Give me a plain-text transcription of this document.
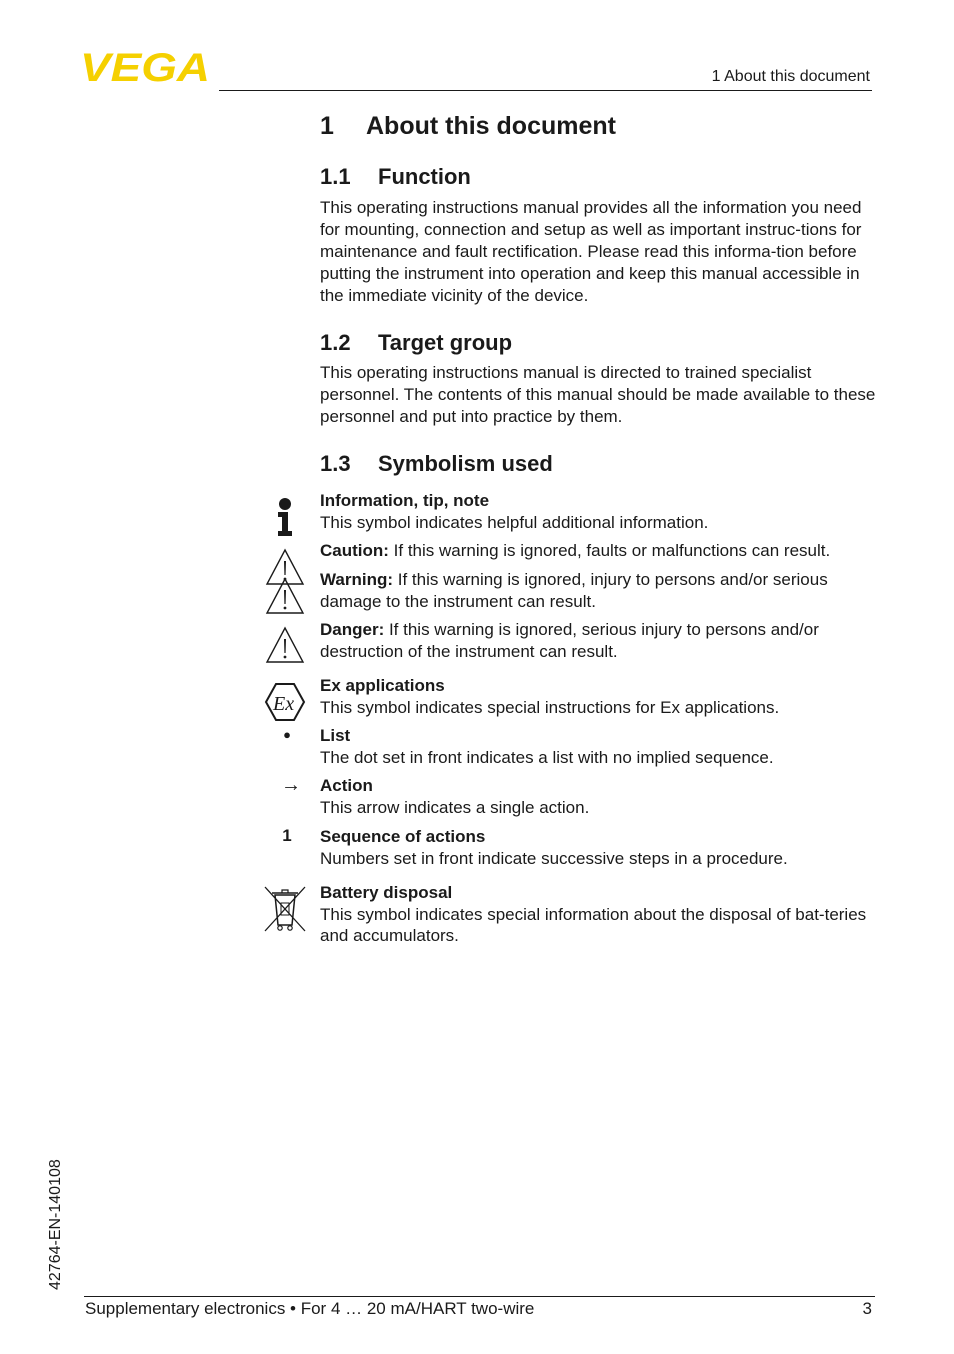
VEGA	1 About this document
1 About this document
1.1 Function
This operating instructions manual provides all the information you need for mounting, connection and setup as well as important instruc-tions for maintenance and fault rectification. Please read this informa-tion before putting the instrument into operation and keep this manual accessible in the immediate vicinity of the device.
1.2 Target group
This operating instructions manual is directed to trained specialist personnel. The contents of this manual should be made available to these personnel and put into practice by them.
1.3 Symbolism used
Information, tip, note
This symbol indicates helpful additional information.
Caution: If this warning is ignored, faults or malfunctions can result.
Warning: If this warning is ignored, injury to persons and/or serious damage to the instrument can result.
Danger: If this warning is ignored, serious injury to persons and/or destruction of the instrument can result.
Ex
Ex applications
This symbol indicates special instructions for Ex applications.
●	List
The dot set in front indicates a list with no implied sequence.
→ Action
This arrow indicates a single action.
1	Sequence of actions
Numbers set in front indicate successive steps in a procedure.
Battery disposal
This symbol indicates special information about the disposal of bat-teries and accumulators.
42764-EN-140108
Supplementary electronics • For 4 … 20 mA/HART two-wire	3
